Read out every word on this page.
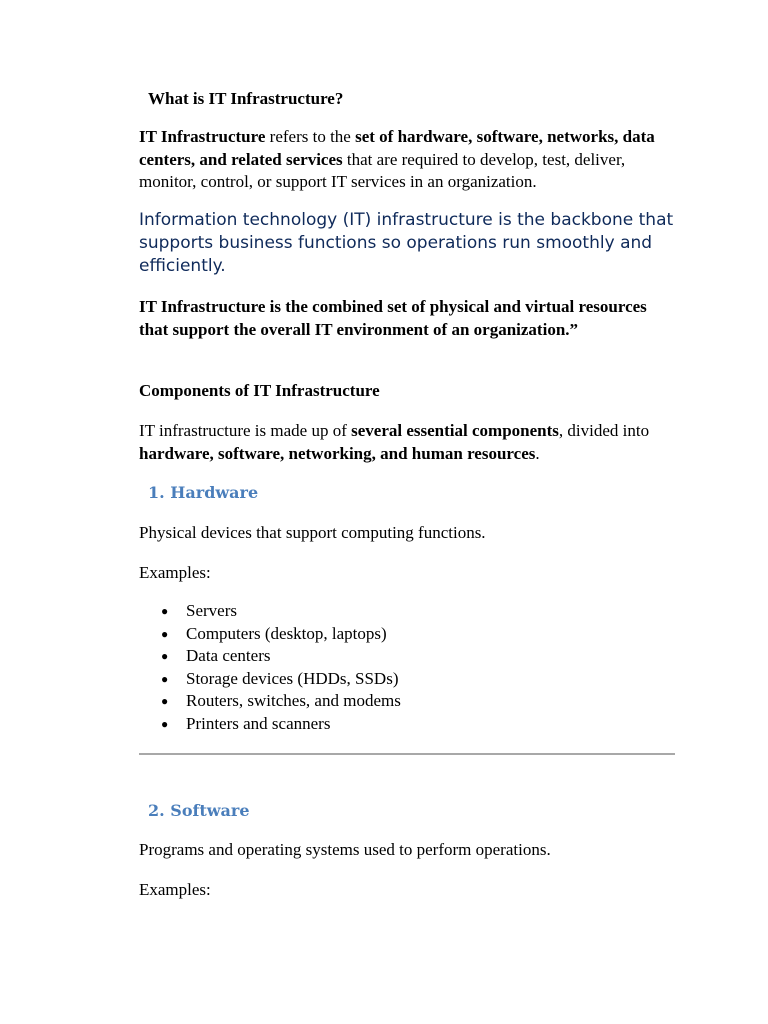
What is IT Infrastructure?

IT Infrastructure refers to the set of hardware, software, networks, data centers, and related services that are required to develop, test, deliver, monitor, control, or support IT services in an organization.

Information technology (IT) infrastructure is the backbone that supports business functions so operations run smoothly and efficiently.

IT Infrastructure is the combined set of physical and virtual resources that support the overall IT environment of an organization.”

Components of IT Infrastructure

IT infrastructure is made up of several essential components, divided into hardware, software, networking, and human resources.

1. Hardware

Physical devices that support computing functions.

Examples:

● Servers
● Computers (desktop, laptops)
● Data centers
● Storage devices (HDDs, SSDs)
● Routers, switches, and modems
● Printers and scanners
2. Software

Programs and operating systems used to perform operations.

Examples:
